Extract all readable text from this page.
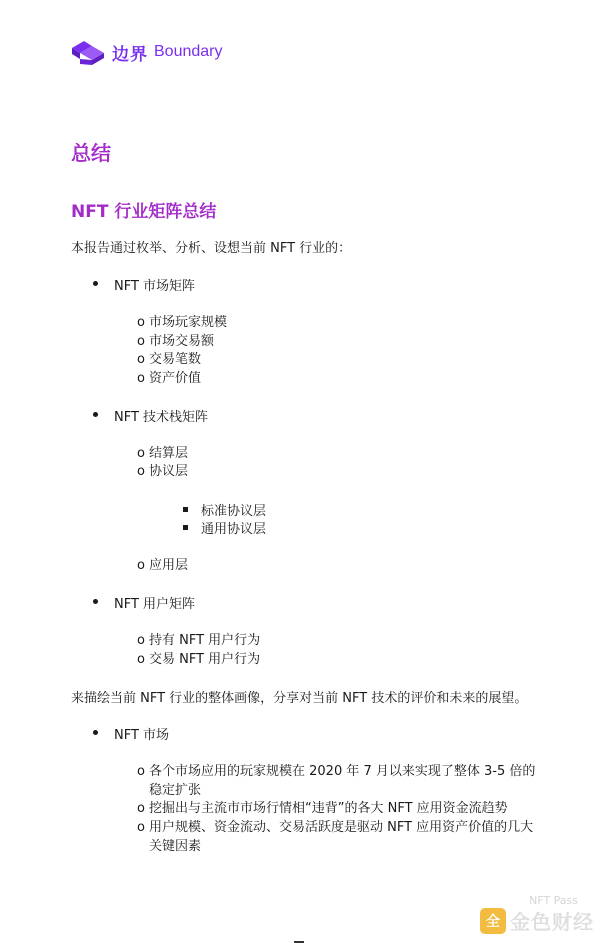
边界 Boundary
总结
NFT 行业矩阵总结

本报告通过枚举、分析、设想当前 NFT 行业的：

NFT 市场矩阵
o 市场玩家规模
o 市场交易额
o 交易笔数
o 资产价值
NFT 技术栈矩阵
o 结算层
o 协议层
标准协议层
通用协议层
o 应用层
NFT 用户矩阵
o 持有 NFT 用户行为
o 交易 NFT 用户行为

来描绘当前 NFT 行业的整体画像，分享对当前 NFT 技术的评价和未来的展望。

NFT 市场
o 各个市场应用的玩家规模在 2020 年 7 月以来实现了整体 3-5 倍的稳定扩张
o 挖掘出与主流市市场行情相“违背”的各大 NFT 应用资金流趋势
o 用户规模、资金流动、交易活跃度是驱动 NFT 应用资产价值的几大关键因素
NFT Pass
全 金色财经
